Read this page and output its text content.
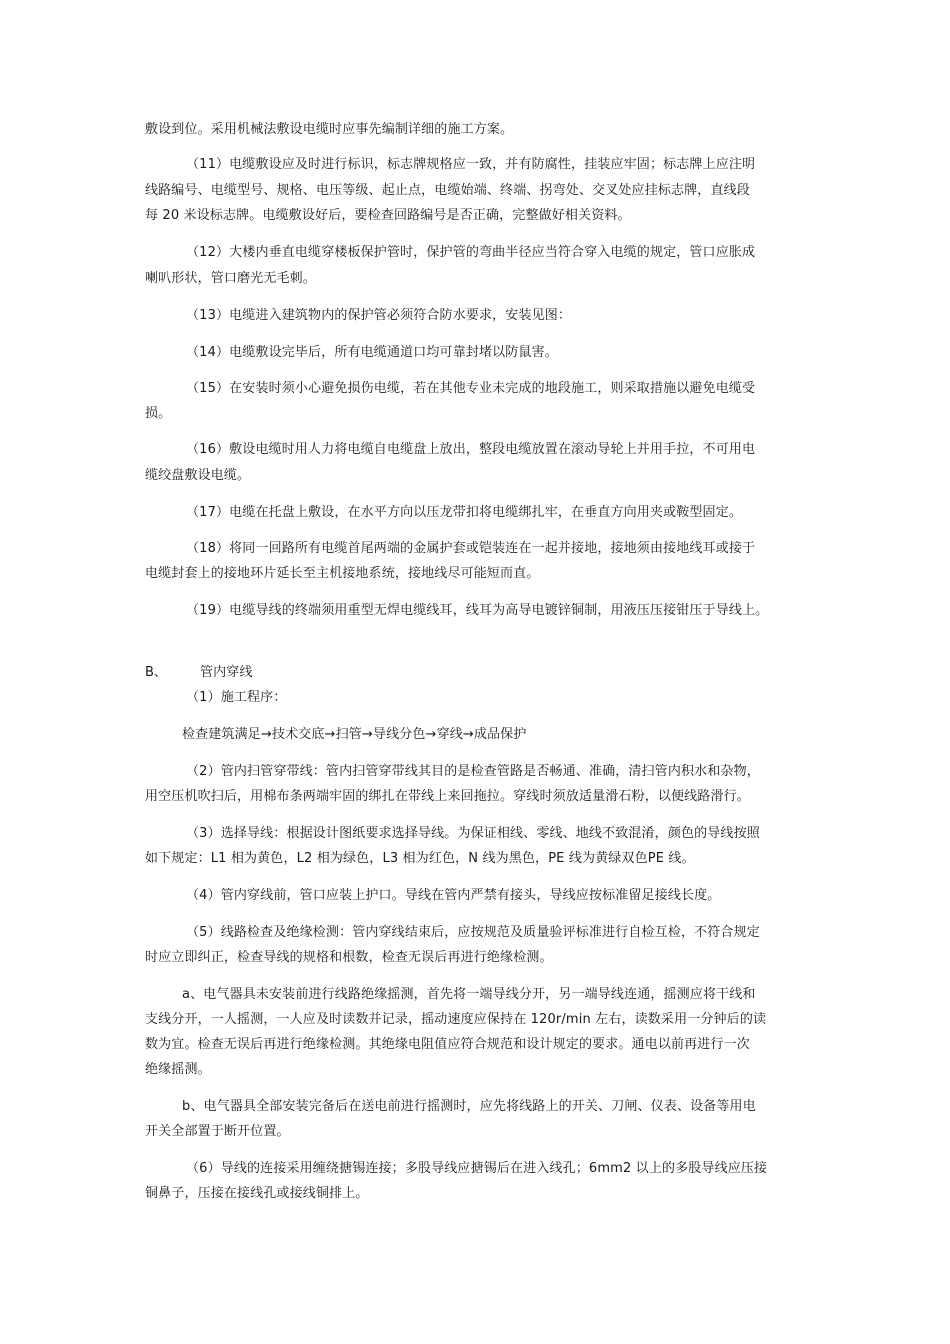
敷设到位。采用机械法敷设电缆时应事先编制详细的施工方案。
（11）电缆敷设应及时进行标识，标志牌规格应一致，并有防腐性，挂装应牢固；标志牌上应注明
线路编号、电缆型号、规格、电压等级、起止点，电缆始端、终端、拐弯处、交叉处应挂标志牌，直线段
每 20 米设标志牌。电缆敷设好后，要检查回路编号是否正确，完整做好相关资料。
（12）大楼内垂直电缆穿楼板保护管时，保护管的弯曲半径应当符合穿入电缆的规定，管口应胀成
喇叭形状，管口磨光无毛刺。
（13）电缆进入建筑物内的保护管必须符合防水要求，安装见图：
（14）电缆敷设完毕后，所有电缆通道口均可靠封堵以防鼠害。
（15）在安装时须小心避免损伤电缆，若在其他专业未完成的地段施工，则采取措施以避免电缆受
损。
（16）敷设电缆时用人力将电缆自电缆盘上放出，整段电缆放置在滚动导轮上并用手拉，不可用电
缆绞盘敷设电缆。
（17）电缆在托盘上敷设，在水平方向以压龙带扣将电缆绑扎牢，在垂直方向用夹或鞍型固定。
（18）将同一回路所有电缆首尾两端的金属护套或铠装连在一起并接地，接地须由接地线耳或接于
电缆封套上的接地环片延长至主机接地系统，接地线尽可能短而直。
（19）电缆导线的终端须用重型无焊电缆线耳，线耳为高导电镀锌铜制，用液压压接钳压于导线上。
B、	管内穿线
（1）施工程序：
检查建筑满足→技术交底→扫管→导线分色→穿线→成品保护
（2）管内扫管穿带线：管内扫管穿带线其目的是检查管路是否畅通、准确，清扫管内积水和杂物，
用空压机吹扫后，用棉布条两端牢固的绑扎在带线上来回拖拉。穿线时须放适量滑石粉，以便线路滑行。
（3）选择导线：根据设计图纸要求选择导线。为保证相线、零线、地线不致混淆，颜色的导线按照
如下规定：L1 相为黄色，L2 相为绿色，L3 相为红色，N 线为黑色，PE 线为黄绿双色PE 线。
（4）管内穿线前，管口应装上护口。导线在管内严禁有接头，导线应按标准留足接线长度。
（5）线路检查及绝缘检测：管内穿线结束后，应按规范及质量验评标准进行自检互检，不符合规定
时应立即纠正，检查导线的规格和根数，检查无误后再进行绝缘检测。
a、电气器具未安装前进行线路绝缘摇测，首先将一端导线分开，另一端导线连通，摇测应将干线和
支线分开，一人摇测，一人应及时读数并记录，摇动速度应保持在 120r/min 左右，读数采用一分钟后的读
数为宜。检查无误后再进行绝缘检测。其绝缘电阻值应符合规范和设计规定的要求。通电以前再进行一次
绝缘摇测。
b、电气器具全部安装完备后在送电前进行摇测时，应先将线路上的开关、刀闸、仪表、设备等用电
开关全部置于断开位置。
（6）导线的连接采用缠绕搪锡连接；多股导线应搪锡后在进入线孔；6mm2 以上的多股导线应压接
铜鼻子，压接在接线孔或接线铜排上。
